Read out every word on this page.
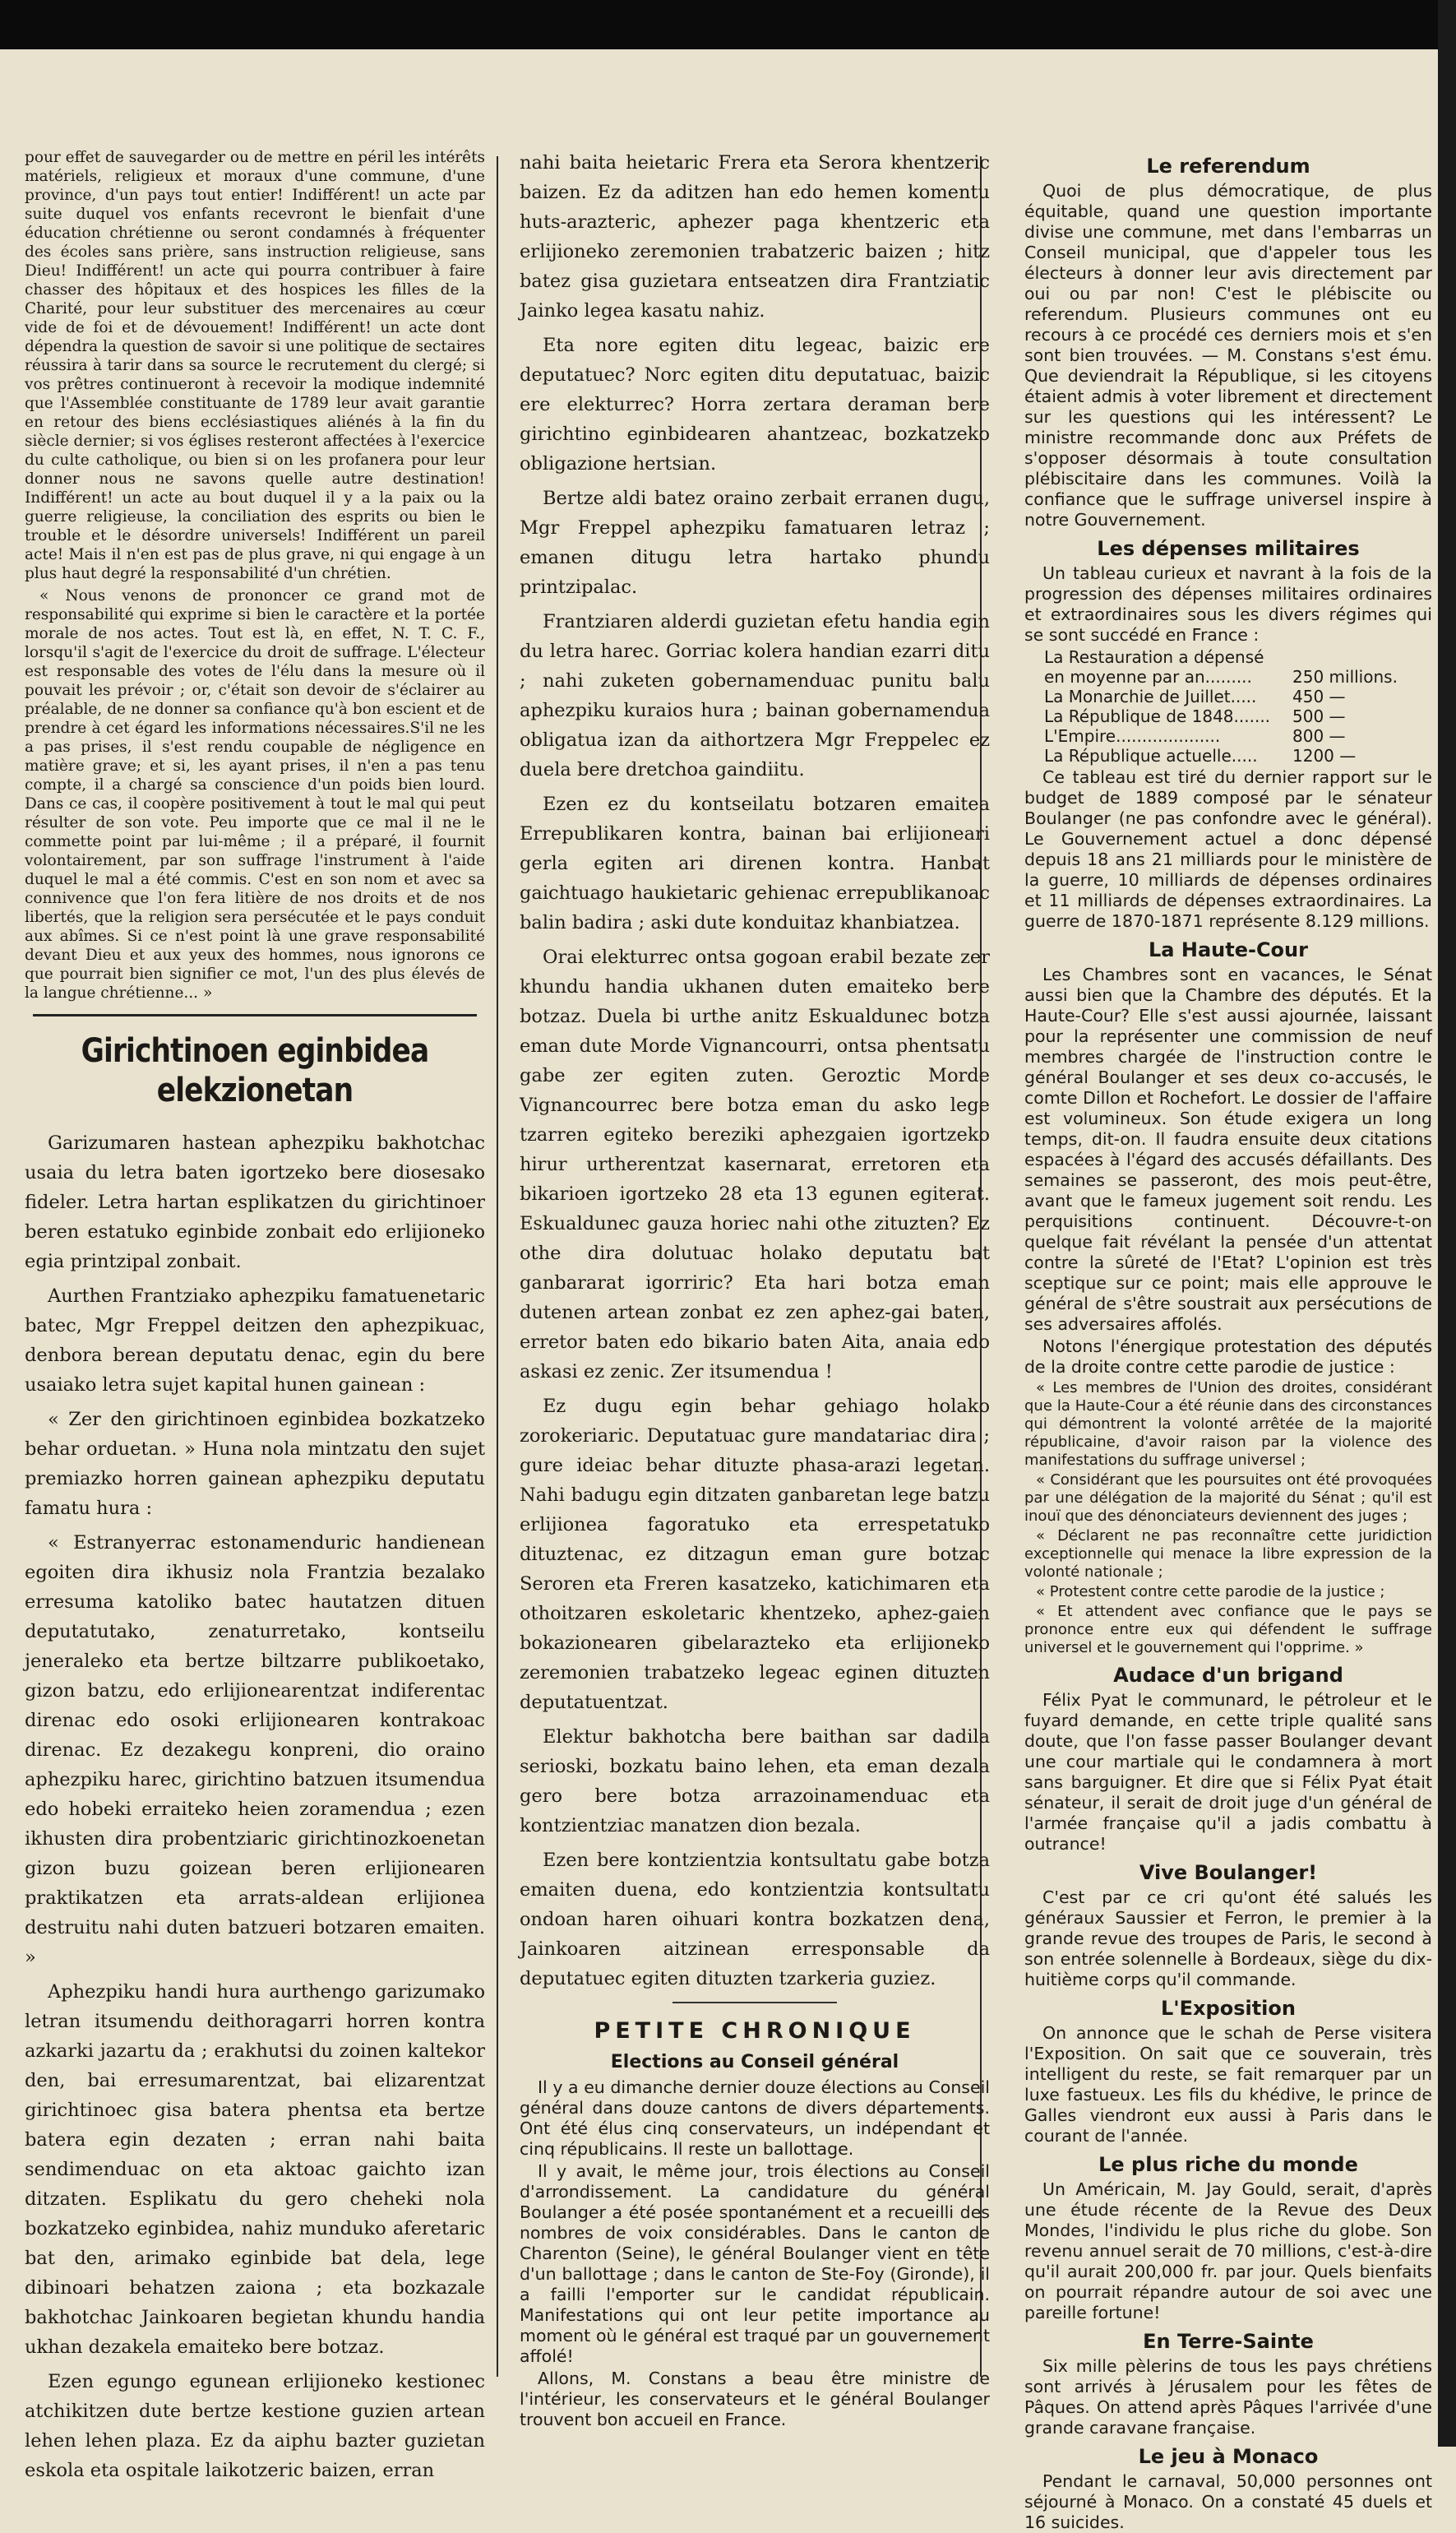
pour effet de sauvegarder ou de mettre en péril les intérêts matériels, religieux et moraux d'une commune, d'une province, d'un pays tout entier! Indifférent! un acte par suite duquel vos enfants recevront le bienfait d'une éducation chrétienne ou seront condamnés à fréquenter des écoles sans prière, sans instruction religieuse, sans Dieu! Indifférent! un acte qui pourra contribuer à faire chasser des hôpitaux et des hospices les filles de la Charité, pour leur substituer des mercenaires au cœur vide de foi et de dévouement! Indifférent! un acte dont dépendra la question de savoir si une politique de sectaires réussira à tarir dans sa source le recrutement du clergé; si vos prêtres continueront à recevoir la modique indemnité que l'Assemblée constituante de 1789 leur avait garantie en retour des biens ecclésiastiques aliénés à la fin du siècle dernier; si vos églises resteront affectées à l'exercice du culte catholique, ou bien si on les profanera pour leur donner nous ne savons quelle autre destination! Indifférent! un acte au bout duquel il y a la paix ou la guerre religieuse, la conciliation des esprits ou bien le trouble et le désordre universels! Indifférent un pareil acte! Mais il n'en est pas de plus grave, ni qui engage à un plus haut degré la responsabilité d'un chrétien.

« Nous venons de prononcer ce grand mot de responsabilité qui exprime si bien le caractère et la portée morale de nos actes. Tout est là, en effet, N. T. C. F., lorsqu'il s'agit de l'exercice du droit de suffrage. L'électeur est responsable des votes de l'élu dans la mesure où il pouvait les prévoir ; or, c'était son devoir de s'éclairer au préalable, de ne donner sa confiance qu'à bon escient et de prendre à cet égard les informations nécessaires.S'il ne les a pas prises, il s'est rendu coupable de négligence en matière grave; et si, les ayant prises, il n'en a pas tenu compte, il a chargé sa conscience d'un poids bien lourd. Dans ce cas, il coopère positivement à tout le mal qui peut résulter de son vote. Peu importe que ce mal il ne le commette point par lui-même ; il a préparé, il fournit volontairement, par son suffrage l'instrument à l'aide duquel le mal a été commis. C'est en son nom et avec sa connivence que l'on fera litière de nos droits et de nos libertés, que la religion sera persécutée et le pays conduit aux abîmes. Si ce n'est point là une grave responsabilité devant Dieu et aux yeux des hommes, nous ignorons ce que pourrait bien signifier ce mot, l'un des plus élevés de la langue chrétienne... »

Girichtinoen eginbidea elekzionetan

Garizumaren hastean aphezpiku bakhotchac usaia du letra baten igortzeko bere diosesako fideler. Letra hartan esplikatzen du girichtinoer beren estatuko eginbide zonbait edo erlijioneko egia printzipal zonbait.

Aurthen Frantziako aphezpiku famatuenetaric batec, Mgr Freppel deitzen den aphezpikuac, denbora berean deputatu denac, egin du bere usaiako letra sujet kapital hunen gainean :

« Zer den girichtinoen eginbidea bozkatzeko behar orduetan. » Huna nola mintzatu den sujet premiazko horren gainean aphezpiku deputatu famatu hura :

« Estranyerrac estonamenduric handienean egoiten dira ikhusiz nola Frantzia bezalako erresuma katoliko batec hautatzen dituen deputatutako, zenaturretako, kontseilu jeneraleko eta bertze biltzarre publikoetako, gizon batzu, edo erlijionearentzat indiferentac direnac edo osoki erlijionearen kontrakoac direnac. Ez dezakegu konpreni, dio oraino aphezpiku harec, girichtino batzuen itsumendua edo hobeki erraiteko heien zoramendua ; ezen ikhusten dira probentziaric girichtinozkoenetan gizon buzu goizean beren erlijionearen praktikatzen eta arrats-aldean erlijionea destruitu nahi duten batzueri botzaren emaiten. »

Aphezpiku handi hura aurthengo garizumako letran itsumendu deithoragarri horren kontra azkarki jazartu da ; erakhutsi du zoinen kaltekor den, bai erresumarentzat, bai elizarentzat girichtinoec gisa batera phentsa eta bertze batera egin dezaten ; erran nahi baita sendimenduac on eta aktoac gaichto izan ditzaten. Esplikatu du gero cheheki nola bozkatzeko eginbidea, nahiz munduko aferetaric bat den, arimako eginbide bat dela, lege dibinoari behatzen zaiona ; eta bozkazale bakhotchac Jainkoaren begietan khundu handia ukhan dezakela emaiteko bere botzaz.

Ezen egungo egunean erlijioneko kestionec atchikitzen dute bertze kestione guzien artean lehen lehen plaza. Ez da aiphu bazter guzietan eskola eta ospitale laikotzeric baizen, erran

nahi baita heietaric Frera eta Serora khentzeric baizen. Ez da aditzen han edo hemen komentu huts-arazteric, aphezer paga khentzeric eta erlijioneko zeremonien trabatzeric baizen ; hitz batez gisa guzietara entseatzen dira Frantziatic Jainko legea kasatu nahiz.

Eta nore egiten ditu legeac, baizic ere deputatuec? Norc egiten ditu deputatuac, baizic ere elekturrec? Horra zertara deraman bere girichtino eginbidearen ahantzeac, bozkatzeko obligazione hertsian.

Bertze aldi batez oraino zerbait erranen dugu, Mgr Freppel aphezpiku famatuaren letraz ; emanen ditugu letra hartako phundu printzipalac.

Frantziaren alderdi guzietan efetu handia egin du letra harec. Gorriac kolera handian ezarri ditu ; nahi zuketen gobernamenduac punitu balu aphezpiku kuraios hura ; bainan gobernamendua obligatua izan da aithortzera Mgr Freppelec ez duela bere dretchoa gaindiitu.

Ezen ez du kontseilatu botzaren emaitea Errepublikaren kontra, bainan bai erlijioneari gerla egiten ari direnen kontra. Hanbat gaichtuago haukietaric gehienac errepublikanoac balin badira ; aski dute konduitaz khanbiatzea.

Orai elekturrec ontsa gogoan erabil bezate zer khundu handia ukhanen duten emaiteko bere botzaz. Duela bi urthe anitz Eskualdunec botza eman dute Morde Vignancourri, ontsa phentsatu gabe zer egiten zuten. Geroztic Morde Vignancourrec bere botza eman du asko lege tzarren egiteko bereziki aphezgaien igortzeko hirur urtherentzat kasernarat, erretoren eta bikarioen igortzeko 28 eta 13 egunen egiterat. Eskualdunec gauza horiec nahi othe zituzten? Ez othe dira dolutuac holako deputatu bat ganbararat igorriric? Eta hari botza eman dutenen artean zonbat ez zen aphez-gai baten, erretor baten edo bikario baten Aita, anaia edo askasi ez zenic. Zer itsumendua !

Ez dugu egin behar gehiago holako zorokeriaric. Deputatuac gure mandatariac dira ; gure ideiac behar dituzte phasa-arazi legetan. Nahi badugu egin ditzaten ganbaretan lege batzu erlijionea fagoratuko eta errespetatuko dituztenac, ez ditzagun eman gure botzac Seroren eta Freren kasatzeko, katichimaren eta othoitzaren eskoletaric khentzeko, aphez-gaien bokazionearen gibelarazteko eta erlijioneko zeremonien trabatzeko legeac eginen dituzten deputatuentzat.

Elektur bakhotcha bere baithan sar dadila serioski, bozkatu baino lehen, eta eman dezala gero bere botza arrazoinamenduac eta kontzientziac manatzen dion bezala.

Ezen bere kontzientzia kontsultatu gabe botza emaiten duena, edo kontzientzia kontsultatu ondoan haren oihuari kontra bozkatzen dena, Jainkoaren aitzinean erresponsable da deputatuec egiten dituzten tzarkeria guziez.

PETITE CHRONIQUE
Elections au Conseil général

Il y a eu dimanche dernier douze élections au Conseil général dans douze cantons de divers départements. Ont été élus cinq conservateurs, un indépendant et cinq républicains. Il reste un ballottage.

Il y avait, le même jour, trois élections au Conseil d'arrondissement. La candidature du général Boulanger a été posée spontanément et a recueilli des nombres de voix considérables. Dans le canton de Charenton (Seine), le général Boulanger vient en tête d'un ballottage ; dans le canton de Ste-Foy (Gironde), il a failli l'emporter sur le candidat républicain. Manifestations qui ont leur petite importance au moment où le général est traqué par un gouvernement affolé!

Allons, M. Constans a beau être ministre de l'intérieur, les conservateurs et le général Boulanger trouvent bon accueil en France.

Le referendum

Quoi de plus démocratique, de plus équitable, quand une question importante divise une commune, met dans l'embarras un Conseil municipal, que d'appeler tous les électeurs à donner leur avis directement par oui ou par non! C'est le plébiscite ou referendum. Plusieurs communes ont eu recours à ce procédé ces derniers mois et s'en sont bien trouvées. — M. Constans s'est ému. Que deviendrait la République, si les citoyens étaient admis à voter librement et directement sur les questions qui les intéressent? Le ministre recommande donc aux Préfets de s'opposer désormais à toute consultation plébiscitaire dans les communes. Voilà la confiance que le suffrage universel inspire à notre Gouvernement.

Les dépenses militaires

Un tableau curieux et navrant à la fois de la progression des dépenses militaires ordinaires et extraordinaires sous les divers régimes qui se sont succédé en France :

La Restauration a dépensé
en moyenne par an......... 250 millions.
La Monarchie de Juillet..... 450 —
La République de 1848....... 500 —
L'Empire....................	800 —
La République actuelle..... 1200 —

Ce tableau est tiré du dernier rapport sur le budget de 1889 composé par le sénateur Boulanger (ne pas confondre avec le général). Le Gouvernement actuel a donc dépensé depuis 18 ans 21 milliards pour le ministère de la guerre, 10 milliards de dépenses ordinaires et 11 milliards de dépenses extraordinaires. La guerre de 1870-1871 représente 8.129 millions.

La Haute-Cour

Les Chambres sont en vacances, le Sénat aussi bien que la Chambre des députés. Et la Haute-Cour? Elle s'est aussi ajournée, laissant pour la représenter une commission de neuf membres chargée de l'instruction contre le général Boulanger et ses deux co-accusés, le comte Dillon et Rochefort. Le dossier de l'affaire est volumineux. Son étude exigera un long temps, dit-on. Il faudra ensuite deux citations espacées à l'égard des accusés défaillants. Des semaines se passeront, des mois peut-être, avant que le fameux jugement soit rendu. Les perquisitions continuent. Découvre-t-on quelque fait révélant la pensée d'un attentat contre la sûreté de l'Etat? L'opinion est très sceptique sur ce point; mais elle approuve le général de s'être soustrait aux persécutions de ses adversaires affolés.

Notons l'énergique protestation des députés de la droite contre cette parodie de justice :

« Les membres de l'Union des droites, considérant que la Haute-Cour a été réunie dans des circonstances qui démontrent la volonté arrêtée de la majorité républicaine, d'avoir raison par la violence des manifestations du suffrage universel ;

« Considérant que les poursuites ont été provoquées par une délégation de la majorité du Sénat ; qu'il est inouï que des dénonciateurs deviennent des juges ;

« Déclarent ne pas reconnaître cette juridiction exceptionnelle qui menace la libre expression de la volonté nationale ;

« Protestent contre cette parodie de la justice ;

« Et attendent avec confiance que le pays se prononce entre eux qui défendent le suffrage universel et le gouvernement qui l'opprime. »

Audace d'un brigand

Félix Pyat le communard, le pétroleur et le fuyard demande, en cette triple qualité sans doute, que l'on fasse passer Boulanger devant une cour martiale qui le condamnera à mort sans barguigner. Et dire que si Félix Pyat était sénateur, il serait de droit juge d'un général de l'armée française qu'il a jadis combattu à outrance!

Vive Boulanger!

C'est par ce cri qu'ont été salués les généraux Saussier et Ferron, le premier à la grande revue des troupes de Paris, le second à son entrée solennelle à Bordeaux, siège du dix-huitième corps qu'il commande.

L'Exposition

On annonce que le schah de Perse visitera l'Exposition. On sait que ce souverain, très intelligent du reste, se fait remarquer par un luxe fastueux. Les fils du khédive, le prince de Galles viendront eux aussi à Paris dans le courant de l'année.

Le plus riche du monde

Un Américain, M. Jay Gould, serait, d'après une étude récente de la Revue des Deux Mondes, l'individu le plus riche du globe. Son revenu annuel serait de 70 millions, c'est-à-dire qu'il aurait 200,000 fr. par jour. Quels bienfaits on pourrait répandre autour de soi avec une pareille fortune!

En Terre-Sainte

Six mille pèlerins de tous les pays chrétiens sont arrivés à Jérusalem pour les fêtes de Pâques. On attend après Pâques l'arrivée d'une grande caravane française.

Le jeu à Monaco

Pendant le carnaval, 50,000 personnes ont séjourné à Monaco. On a constaté 45 duels et 16 suicides.
